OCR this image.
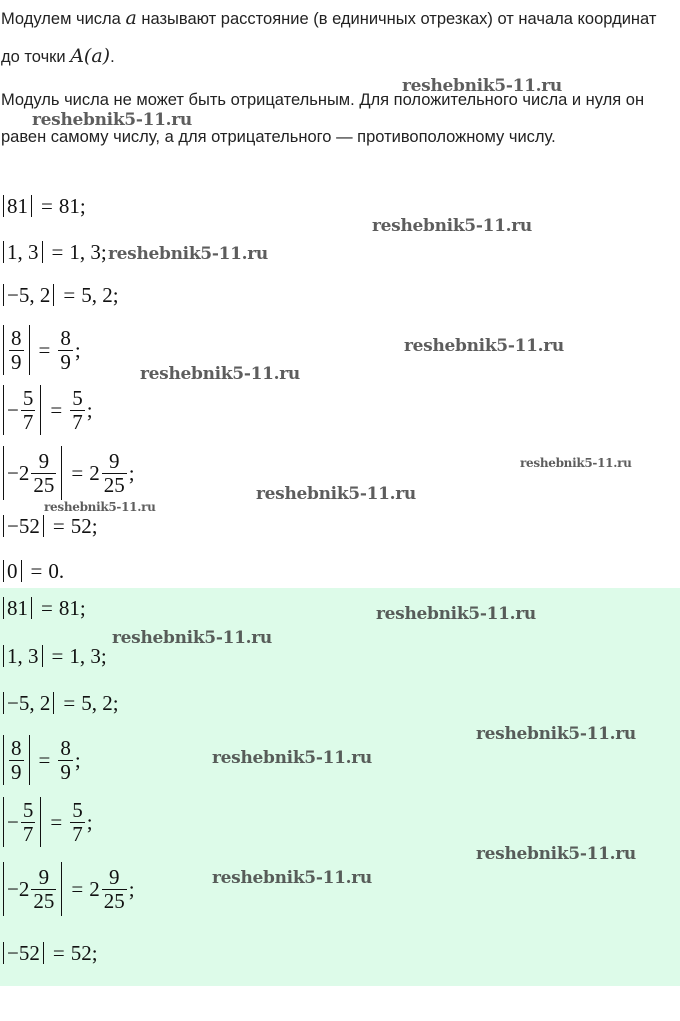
Модулем числа a называют расстояние (в единичных отрезках) от начала координат до точки A(a).
Модуль числа не может быть отрицательным. Для положительного числа и нуля он равен самому числу, а для отрицательного — противоположному числу.
81 = 81;
1, 3 = 1, 3;
−5, 2 = 5, 2;
$\frac{8}{9} = \frac{8}{9}$ ;
− $\frac{5}{7} = \frac{5}{7}$ ;
$-2 \frac{9}{25} = 2 \frac{9}{25}$ ;
−52 = 52;
0 = 0.
81 = 81;
1, 3 = 1, 3;
−5, 2 = 5, 2;
$\frac{8}{9} = \frac{8}{9}$ ;
− $\frac{5}{7} = \frac{5}{7}$ ;
$-2 \frac{9}{25} = 2 \frac{9}{25}$ ;
−52 = 52;
reshebnik5-11.ru
reshebnik5-11.ru
reshebnik5-11.ru
reshebnik5-11.ru
reshebnik5-11.ru
reshebnik5-11.ru
reshebnik5-11.ru
reshebnik5-11.ru
reshebnik5-11.ru
reshebnik5-11.ru
reshebnik5-11.ru
reshebnik5-11.ru
reshebnik5-11.ru
reshebnik5-11.ru
reshebnik5-11.ru
